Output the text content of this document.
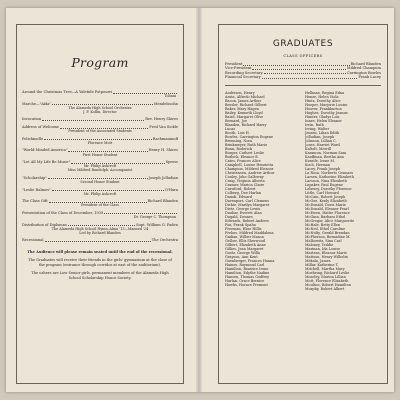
Program
Around the Christmas Tree—A Yuletide Potpourri
Tobani
Marche—"Aïda"	Mendelssohn
The Alameda High School Orchestra
J. F. Kollin, Director
Invocation	Rev. Henry Shires
Address of Welcome	Fred Van Sickle
President of the Associated Students
Polichinelle	Rachmaninoff
Florence Mott
"World-Minded America"	Henry H. Shires
First Honor Student
"Let All My Life Be Music"	Spross
Mr. Philip Ashcroft
Miss Mildred Randolph, Accompanist
"Scholarship"	Joseph Jolludian
Second Honor Student
"Leslie Ralmes"	O'Hara
Mr. Philip Ashcroft
The Class Gift	Richard Blanden
President of the Class
Presentation of the Class of December, 1939
Dr. George C. Thompson
Distribution of Diplomas	Supt. William G. Paden
The Alameda High School Hymn–Alma '13—Manned '24
Led by Richard Blanden
Recessional	The Orchestra

The Audience will please remain seated until the end of the recessional.

The Graduates will receive their friends in the girls' gymnasium at the close of the program (entrance through corridor at east of the auditorium).

The ushers are Low Senior girls, permanent members of the Alameda High School Scholarship Honor Society.

GRADUATES
CLASS OFFICERS
President	Richard Blanden
Vice-President	Mildred Champion
Recording Secretary	Carrington Bowles
Financial Secretary	Frank Lacey
Anderson, Henry
Arata, Alfredo Michael
Bacon, James Arthur
Bessler, Richard Gilbert
Baker, Mary Hagen
Bailey, Kenneth Lloyd
Baird, Margaret Olive
Bernard, Joe
Blanden, Richard Harry
Lucas
Booth, Lois H.
Bowles, Carrington Eugene
Brenning, Nora
Brinkmeyer, Ruth Marie
Bunn, Roderick
Burger, Cuthert Leslie
Butlock, Eleanor E.
Cates, Frances Alice
Campbell, Louise Henrietta
Champion, Mildred Eleanor
Christensen, Andrew Arthur
Conley, John Galloway
Craig, Virginia Alberta
Cramer, Marion Claire
Crawford, Robert
Colberg, Dee Harlan
Damdi, Edward
Davenport, Carl Clemens
Dickie, Marilyn Margaret
Dietz, George Lewis
Dunbar, Everett Alan
Dugald, Dennes
Edwards, Robert Andrew
Fox, Frank Spahn
Freeman, Elise Hillis
Frehes, Mildred Maddalena
Gadian, Wilber Mason
Gellow, Ellis Sherwood
Gilbert, Elizabeth Anne
Gillies, Jean Margaret
Goetz, George Willa
Grayson, Ann Kent
Guenberger, Frances Hanna
Haines, Raymond Carl
Hamilton, Beatrice Irene
Hamilton, Edythe Nadine
Hansen, Thomas Godfrey
Harlan, Grace Bernice
Hawks, Horace Fremont
Hellman, Regina Edna
Henze, Helen Viola
Hintz, Dorothy Alice
Hoeper, Marjorie Louise
Hoover, Frankburton
Hughes, Dorothy Jeanne
Hunter, Gladys Lois
Innes, Helen Eleanor
Irvin, Ruth
Irving, Walter
Jensen, Lilian Edith
Jolludian, Joseph
Johnson, Lillian C.
Jones, Harriet Ward
Kaltoft, Merrill
Karamon, Norman Sam
Kauffman, Bertha Ann
Kvastle, Irene M.
Koch, Herman
Lacey, Frank Joseph
La Rosa, Norberto Gennaro
Larsen, Katherine Elizabeth
Larsson, Nina Elizabeth
Lepaker, Paul Eugene
Lebesey, Dorothy Florence
Little, Carl Howard
McCain, Robert Joseph
McGee, Kenly Elizabeth
McDonald, Doris Marie
McDonald, Eleanor Pearl
McEwen, Hattie Florence
McGinn, Barbara Ethel
McGregor, Alice Marguerite
McHale, Betty Ellen
McNeil, Ethel Caroline
McNulty, Gerald Brendan
McPherson, Bernadine M.
Malhowitz, Sina Carl
Maloney, Teddie
Marinan, Ida Louise
Martens, Eleanor Marie
Mattson, Henry Wilhelm
Mekala, James
Millar, Katherine T.
Mitchell, Martha Mary
Moehring, Richard Leslie
Moseley, Marion Lillian
Mott, Florence Elizabeth
Moulton, Robert Hamilton
Murphy, Robert Albert
